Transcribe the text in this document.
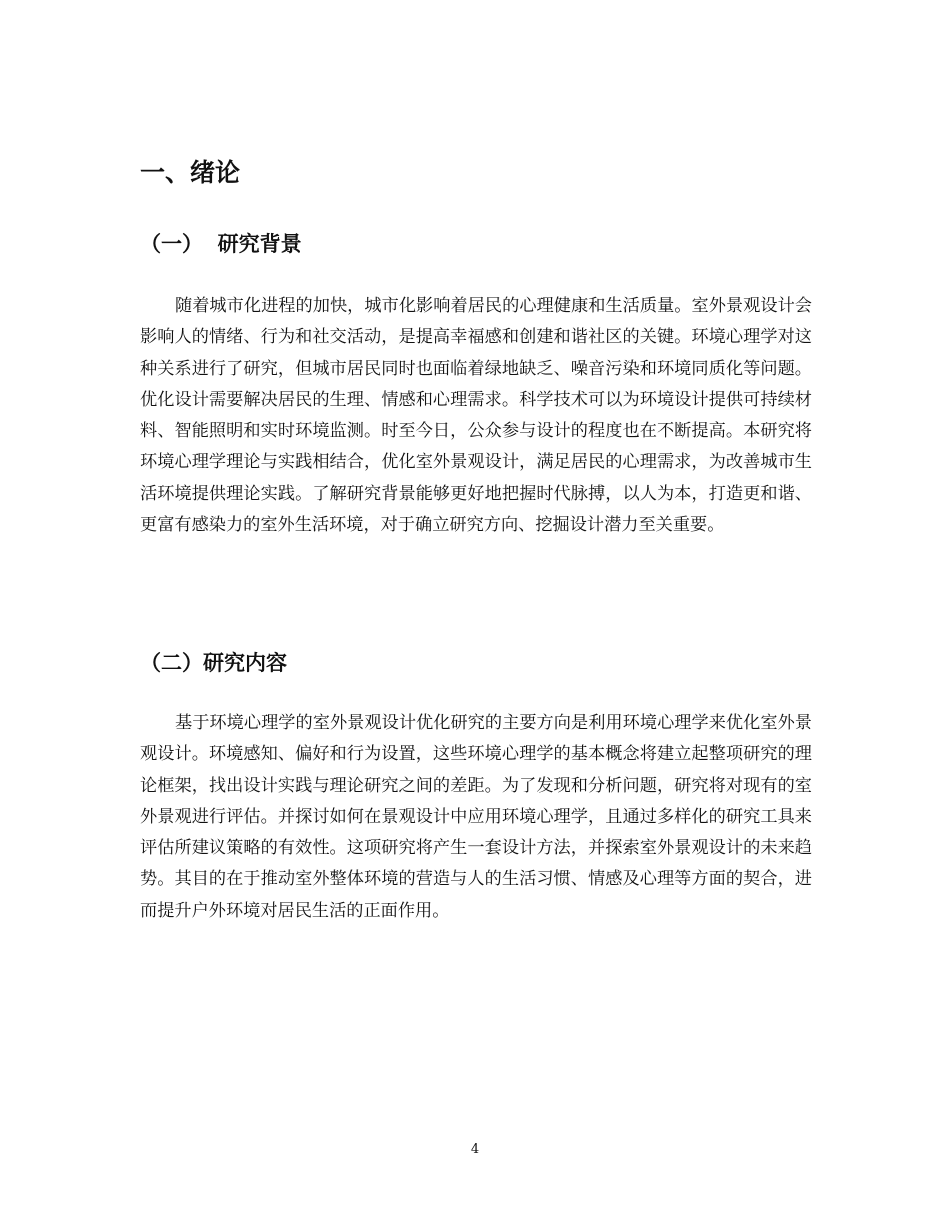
一、绪论
（一）  研究背景

随着城市化进程的加快，城市化影响着居民的心理健康和生活质量。室外景观设计会影响人的情绪、行为和社交活动，是提高幸福感和创建和谐社区的关键。环境心理学对这种关系进行了研究，但城市居民同时也面临着绿地缺乏、噪音污染和环境同质化等问题。优化设计需要解决居民的生理、情感和心理需求。科学技术可以为环境设计提供可持续材料、智能照明和实时环境监测。时至今日，公众参与设计的程度也在不断提高。本研究将环境心理学理论与实践相结合，优化室外景观设计，满足居民的心理需求，为改善城市生活环境提供理论实践。了解研究背景能够更好地把握时代脉搏，以人为本，打造更和谐、更富有感染力的室外生活环境，对于确立研究方向、挖掘设计潜力至关重要。

（二）研究内容

基于环境心理学的室外景观设计优化研究的主要方向是利用环境心理学来优化室外景观设计。环境感知、偏好和行为设置，这些环境心理学的基本概念将建立起整项研究的理论框架，找出设计实践与理论研究之间的差距。为了发现和分析问题，研究将对现有的室外景观进行评估。并探讨如何在景观设计中应用环境心理学，且通过多样化的研究工具来评估所建议策略的有效性。这项研究将产生一套设计方法，并探索室外景观设计的未来趋势。其目的在于推动室外整体环境的营造与人的生活习惯、情感及心理等方面的契合，进而提升户外环境对居民生活的正面作用。

4
